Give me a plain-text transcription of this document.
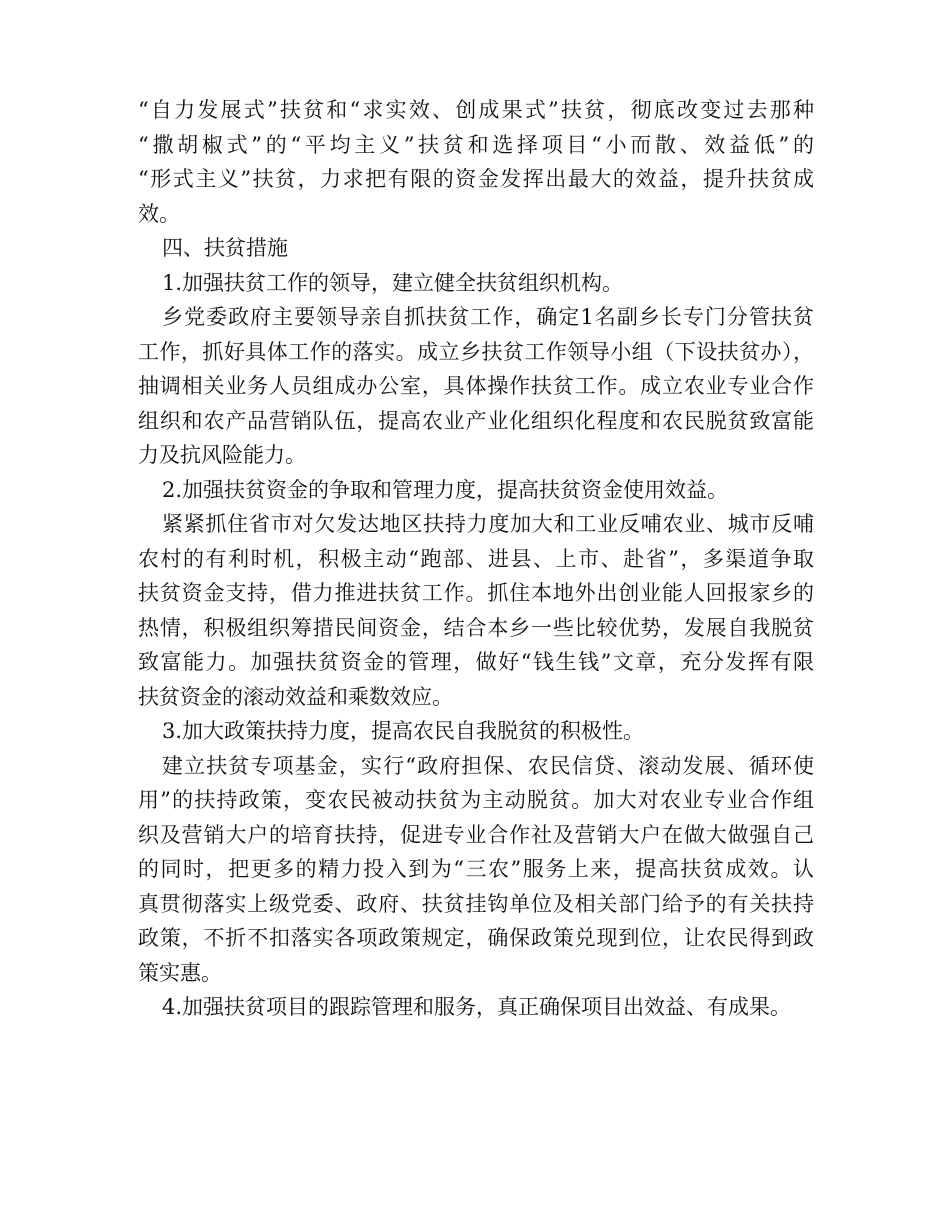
“自力发展式”扶贫和“求实效、创成果式”扶贫，彻底改变过去那种
“撒胡椒式”的“平均主义”扶贫和选择项目“小而散、效益低”的
“形式主义”扶贫，力求把有限的资金发挥出最大的效益，提升扶贫成
效。
四、扶贫措施
1.加强扶贫工作的领导，建立健全扶贫组织机构。
乡党委政府主要领导亲自抓扶贫工作，确定1名副乡长专门分管扶贫
工作，抓好具体工作的落实。成立乡扶贫工作领导小组（下设扶贫办），
抽调相关业务人员组成办公室，具体操作扶贫工作。成立农业专业合作
组织和农产品营销队伍，提高农业产业化组织化程度和农民脱贫致富能
力及抗风险能力。
2.加强扶贫资金的争取和管理力度，提高扶贫资金使用效益。
紧紧抓住省市对欠发达地区扶持力度加大和工业反哺农业、城市反哺
农村的有利时机，积极主动“跑部、进县、上市、赴省”，多渠道争取
扶贫资金支持，借力推进扶贫工作。抓住本地外出创业能人回报家乡的
热情，积极组织筹措民间资金，结合本乡一些比较优势，发展自我脱贫
致富能力。加强扶贫资金的管理，做好“钱生钱”文章，充分发挥有限
扶贫资金的滚动效益和乘数效应。
3.加大政策扶持力度，提高农民自我脱贫的积极性。
建立扶贫专项基金，实行“政府担保、农民信贷、滚动发展、循环使
用”的扶持政策，变农民被动扶贫为主动脱贫。加大对农业专业合作组
织及营销大户的培育扶持，促进专业合作社及营销大户在做大做强自己
的同时，把更多的精力投入到为“三农”服务上来，提高扶贫成效。认
真贯彻落实上级党委、政府、扶贫挂钩单位及相关部门给予的有关扶持
政策，不折不扣落实各项政策规定，确保政策兑现到位，让农民得到政
策实惠。
4.加强扶贫项目的跟踪管理和服务，真正确保项目出效益、有成果。
